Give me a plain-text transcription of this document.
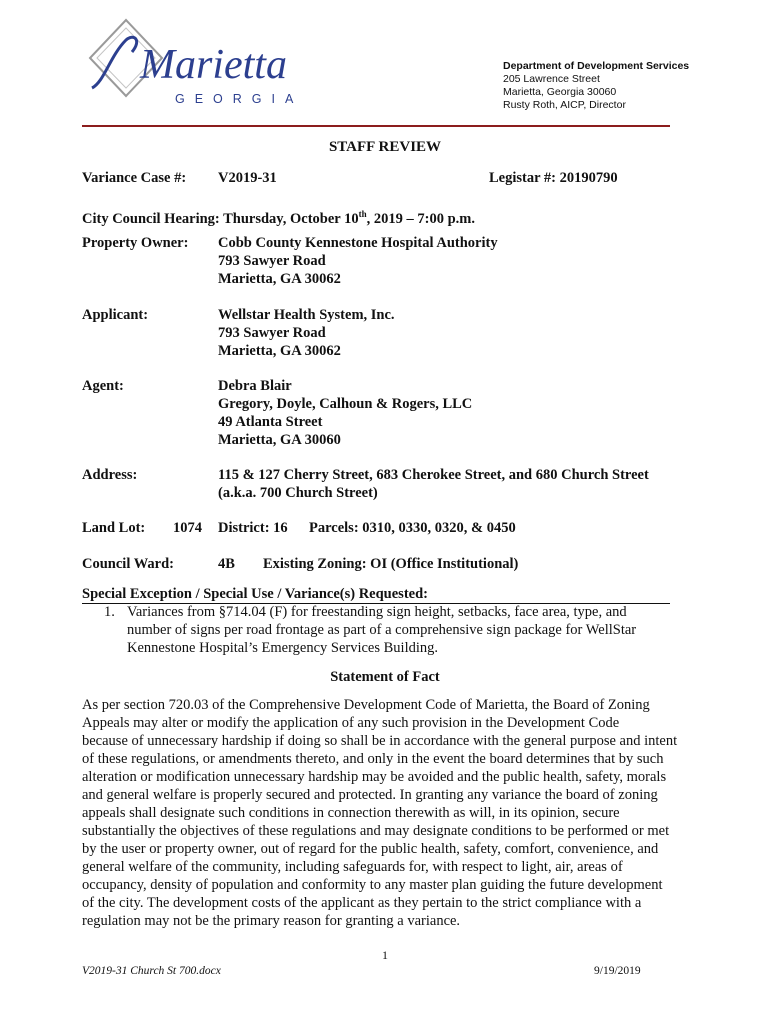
Marietta
GEORGIA
Department of Development Services
205 Lawrence Street
Marietta, Georgia 30060
Rusty Roth, AICP, Director
STAFF REVIEW
Variance Case #: V2019-31	Legistar #: 20190790
City Council Hearing: Thursday, October 10th, 2019 – 7:00 p.m.
Property Owner: Cobb County Kennestone Hospital Authority
793 Sawyer Road
Marietta, GA 30062
Applicant:	Wellstar Health System, Inc.
793 Sawyer Road
Marietta, GA 30062
Agent:	Debra Blair
Gregory, Doyle, Calhoun & Rogers, LLC
49 Atlanta Street
Marietta, GA 30060
Address:	115 & 127 Cherry Street, 683 Cherokee Street, and 680 Church Street
(a.k.a. 700 Church Street)
Land Lot: 1074 District: 16 Parcels: 0310, 0330, 0320, & 0450
Council Ward:	4B Existing Zoning: OI (Office Institutional)
Special Exception / Special Use / Variance(s) Requested:
1. Variances from §714.04 (F) for freestanding sign height, setbacks, face area, type, and
number of signs per road frontage as part of a comprehensive sign package for WellStar
Kennestone Hospital’s Emergency Services Building.
Statement of Fact
As per section 720.03 of the Comprehensive Development Code of Marietta, the Board of Zoning
Appeals may alter or modify the application of any such provision in the Development Code
because of unnecessary hardship if doing so shall be in accordance with the general purpose and intent
of these regulations, or amendments thereto, and only in the event the board determines that by such
alteration or modification unnecessary hardship may be avoided and the public health, safety, morals
and general welfare is properly secured and protected. In granting any variance the board of zoning
appeals shall designate such conditions in connection therewith as will, in its opinion, secure
substantially the objectives of these regulations and may designate conditions to be performed or met
by the user or property owner, out of regard for the public health, safety, comfort, convenience, and
general welfare of the community, including safeguards for, with respect to light, air, areas of
occupancy, density of population and conformity to any master plan guiding the future development
of the city. The development costs of the applicant as they pertain to the strict compliance with a
regulation may not be the primary reason for granting a variance.
1
V2019-31 Church St 700.docx	9/19/2019
